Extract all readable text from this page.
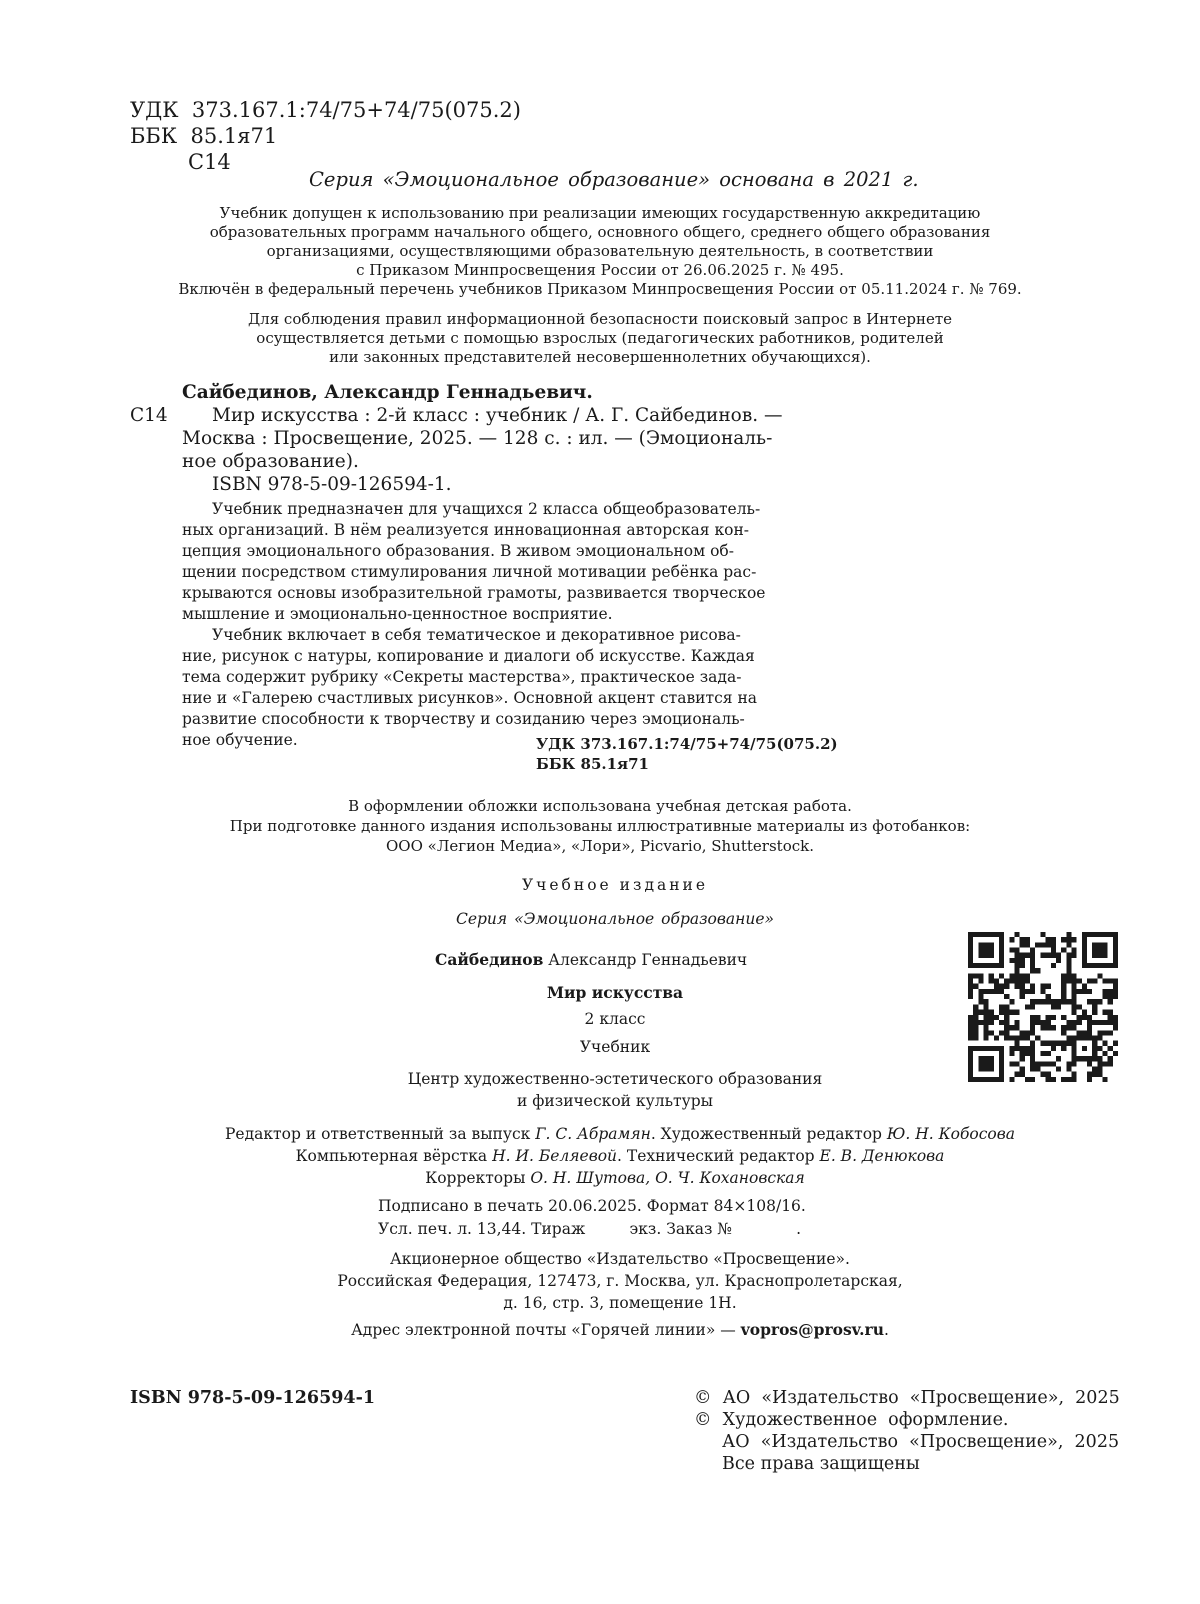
УДК 373.167.1:74/75+74/75(075.2)
ББК 85.1я71
С14
Серия «Эмоциональное образование» основана в 2021 г.
Учебник допущен к использованию при реализации имеющих государственную аккредитацию
образовательных программ начального общего, основного общего, среднего общего образования
организациями, осуществляющими образовательную деятельность, в соответствии
с Приказом Минпросвещения России от 26.06.2025 г. № 495.
Включён в федеральный перечень учебников Приказом Минпросвещения России от 05.11.2024 г. № 769.
Для соблюдения правил информационной безопасности поисковый запрос в Интернете
осуществляется детьми с помощью взрослых (педагогических работников, родителей
или законных представителей несовершеннолетних обучающихся).
Сайбединов, Александр Геннадьевич.
С14 Мир искусства : 2-й класс : учебник / А. Г. Сайбединов. —
Москва : Просвещение, 2025. — 128 с. : ил. — (Эмоциональ-
ное образование).
ISBN 978-5-09-126594-1.
Учебник предназначен для учащихся 2 класса общеобразователь-
ных организаций. В нём реализуется инновационная авторская кон-
цепция эмоционального образования. В живом эмоциональном об-
щении посредством стимулирования личной мотивации ребёнка рас-
крываются основы изобразительной грамоты, развивается творческое
мышление и эмоционально-ценностное восприятие.
Учебник включает в себя тематическое и декоративное рисова-
ние, рисунок с натуры, копирование и диалоги об искусстве. Каждая
тема содержит рубрику «Секреты мастерства», практическое зада-
ние и «Галерею счастливых рисунков». Основной акцент ставится на
развитие способности к творчеству и созиданию через эмоциональ-
ное обучение.	УДК 373.167.1:74/75+74/75(075.2)
ББК 85.1я71
В оформлении обложки использована учебная детская работа.
При подготовке данного издания использованы иллюстративные материалы из фотобанков:
ООО «Легион Медиа», «Лори», Picvario, Shutterstock.
Учебное издание
Серия «Эмоциональное образование»
Сайбединов Александр Геннадьевич
Мир искусства
2 класс
Учебник
Центр художественно-эстетического образования
и физической культуры
Редактор и ответственный за выпуск Г. С. Абрамян. Художественный редактор Ю. Н. Кобосова
Компьютерная вёрстка Н. И. Беляевой. Технический редактор Е. В. Денюкова
Корректоры О. Н. Шутова, О. Ч. Кохановская
Подписано в печать 20.06.2025. Формат 84×108/16.
Усл. печ. л. 13,44. Тираж         экз. Заказ №             .
Акционерное общество «Издательство «Просвещение».
Российская Федерация, 127473, г. Москва, ул. Краснопролетарская,
д. 16, стр. 3, помещение 1Н.
Адрес электронной почты «Горячей линии» — vopros@prosv.ru.
ISBN 978-5-09-126594-1	©  АО  «Издательство  «Просвещение»,  2025
©  Художественное  оформление.
АО  «Издательство  «Просвещение»,  2025
Все права защищены
